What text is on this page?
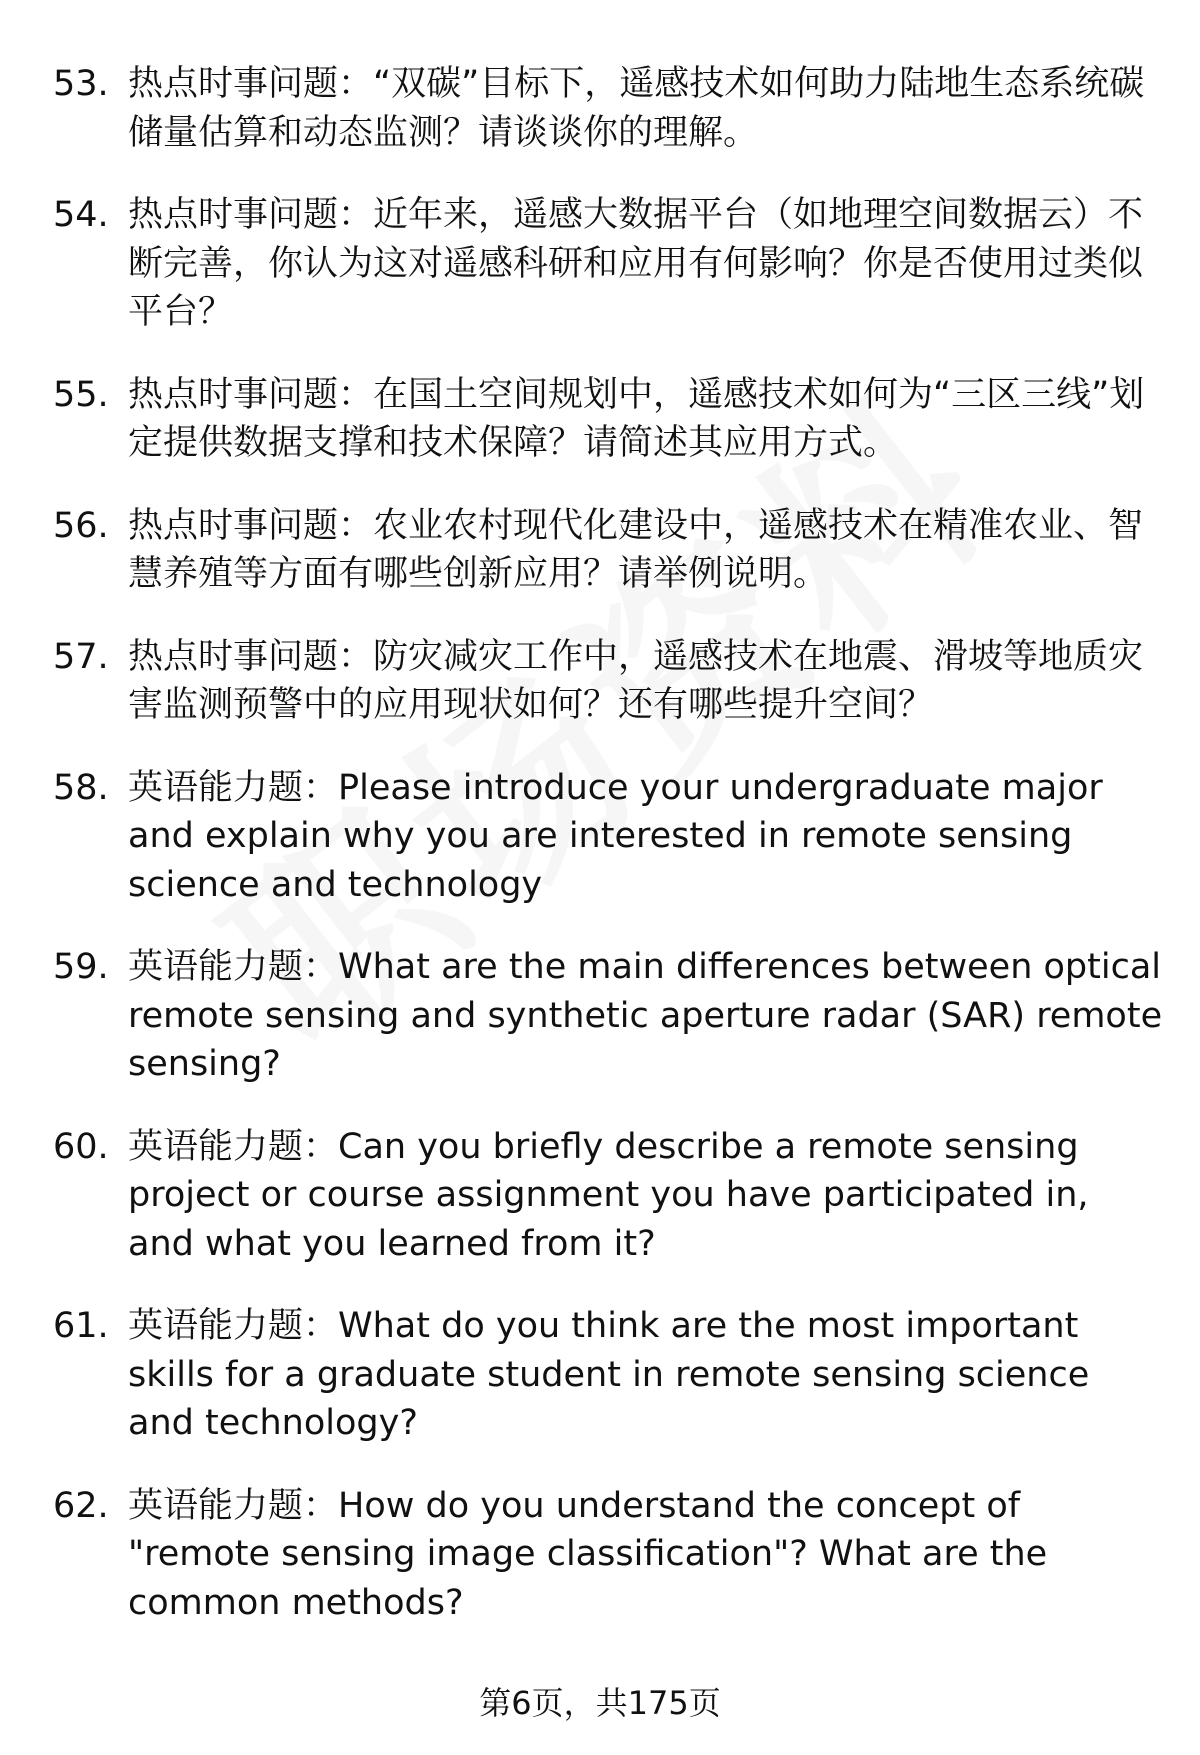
53. 热点时事问题：“双碳”目标下，遥感技术如何助力陆地生态系统碳储量估算和动态监测？请谈谈你的理解。
54. 热点时事问题：近年来，遥感大数据平台（如地理空间数据云）不断完善，你认为这对遥感科研和应用有何影响？你是否使用过类似平台？
55. 热点时事问题：在国土空间规划中，遥感技术如何为“三区三线”划定提供数据支撑和技术保障？请简述其应用方式。
56. 热点时事问题：农业农村现代化建设中，遥感技术在精准农业、智慧养殖等方面有哪些创新应用？请举例说明。
57. 热点时事问题：防灾减灾工作中，遥感技术在地震、滑坡等地质灾害监测预警中的应用现状如何？还有哪些提升空间？
58. 英语能力题：Please introduce your undergraduate major and explain why you are interested in remote sensing science and technology
59. 英语能力题：What are the main differences between optical remote sensing and synthetic aperture radar (SAR) remote sensing?
60. 英语能力题：Can you briefly describe a remote sensing project or course assignment you have participated in, and what you learned from it?
61. 英语能力题：What do you think are the most important skills for a graduate student in remote sensing science and technology?
62. 英语能力题：How do you understand the concept of "remote sensing image classification"? What are the common methods?
第6页，共175页
